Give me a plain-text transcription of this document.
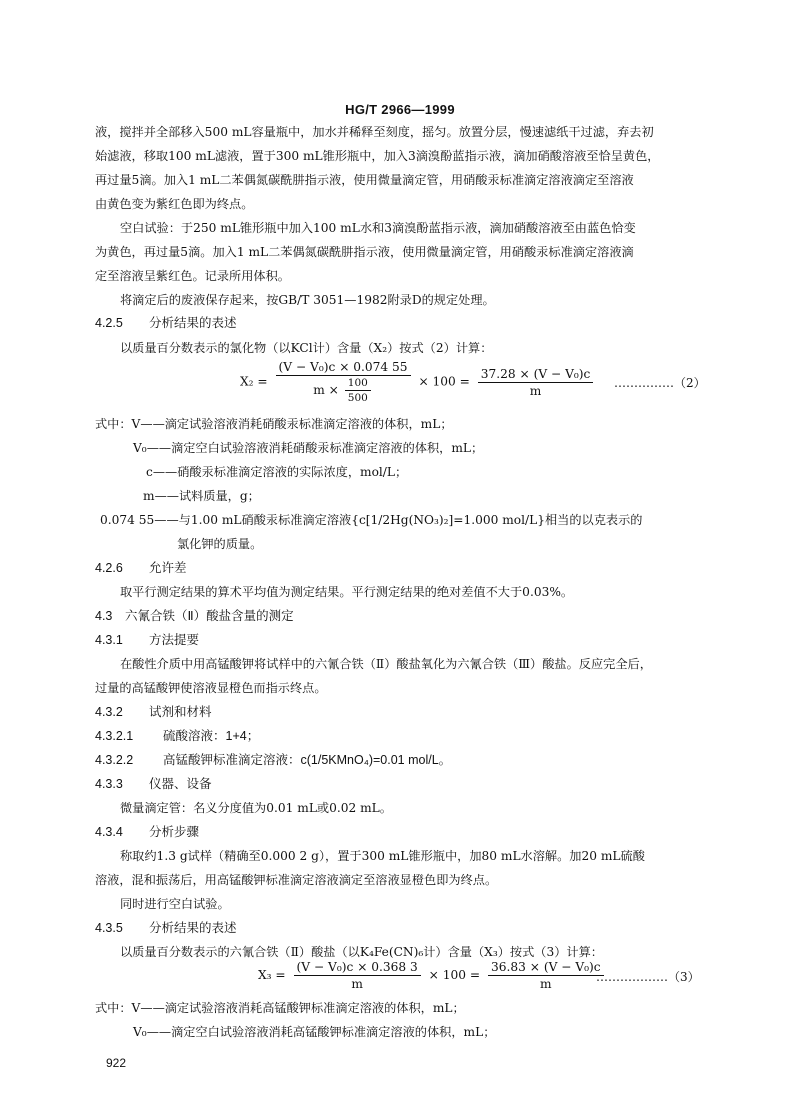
HG/T 2966—1999
液，搅拌并全部移入500 mL容量瓶中，加水并稀释至刻度，摇匀。放置分层，慢速滤纸干过滤，弃去初
始滤液，移取100 mL滤液，置于300 mL锥形瓶中，加入3滴溴酚蓝指示液，滴加硝酸溶液至恰呈黄色，
再过量5滴。加入1 mL二苯偶氮碳酰肼指示液，使用微量滴定管，用硝酸汞标准滴定溶液滴定至溶液
由黄色变为紫红色即为终点。
空白试验：于250 mL锥形瓶中加入100 mL水和3滴溴酚蓝指示液，滴加硝酸溶液至由蓝色恰变
为黄色，再过量5滴。加入1 mL二苯偶氮碳酰肼指示液，使用微量滴定管，用硝酸汞标准滴定溶液滴
定至溶液呈紫红色。记录所用体积。
将滴定后的废液保存起来，按GB/T 3051—1982附录D的规定处理。
4.2.5 分析结果的表述
以质量百分数表示的氯化物（以KCl计）含量（X₂）按式（2）计算：
$X_2 = \frac{\text{(V − V₀)c × 0.074 55}}{m \times \frac{100}{500}} \times 100 = \frac{\text{37.28 × (V − V₀)c}}{m}$ ……………（2）
式中：V——滴定试验溶液消耗硝酸汞标准滴定溶液的体积，mL；
V₀——滴定空白试验溶液消耗硝酸汞标准滴定溶液的体积，mL；
c——硝酸汞标准滴定溶液的实际浓度，mol/L；
m——试料质量，g；
0.074 55——与1.00 mL硝酸汞标准滴定溶液{c[1/2Hg(NO₃)₂]=1.000 mol/L}相当的以克表示的
氯化钾的质量。
4.2.6 允许差
取平行测定结果的算术平均值为测定结果。平行测定结果的绝对差值不大于0.03%。
4.3 六氰合铁（Ⅱ）酸盐含量的测定
4.3.1 方法提要
在酸性介质中用高锰酸钾将试样中的六氰合铁（Ⅱ）酸盐氧化为六氰合铁（Ⅲ）酸盐。反应完全后，
过量的高锰酸钾使溶液显橙色而指示终点。
4.3.2 试剂和材料
4.3.2.1 硫酸溶液：1+4；
4.3.2.2 高锰酸钾标准滴定溶液：c(1/5KMnO₄)=0.01 mol/L。
4.3.3 仪器、设备
微量滴定管：名义分度值为0.01 mL或0.02 mL。
4.3.4 分析步骤
称取约1.3 g试样（精确至0.000 2 g），置于300 mL锥形瓶中，加80 mL水溶解。加20 mL硫酸
溶液，混和振荡后，用高锰酸钾标准滴定溶液滴定至溶液显橙色即为终点。
同时进行空白试验。
4.3.5 分析结果的表述
以质量百分数表示的六氰合铁（Ⅱ）酸盐（以K₄Fe(CN)₆计）含量（X₃）按式（3）计算：
$X_3 = \frac{\text{(V − V₀)c × 0.368 3}}{m} \times 100 = \frac{\text{36.83 × (V − V₀)c}}{m}$
………………（3）
式中：V——滴定试验溶液消耗高锰酸钾标准滴定溶液的体积，mL；
V₀——滴定空白试验溶液消耗高锰酸钾标准滴定溶液的体积，mL；
922
